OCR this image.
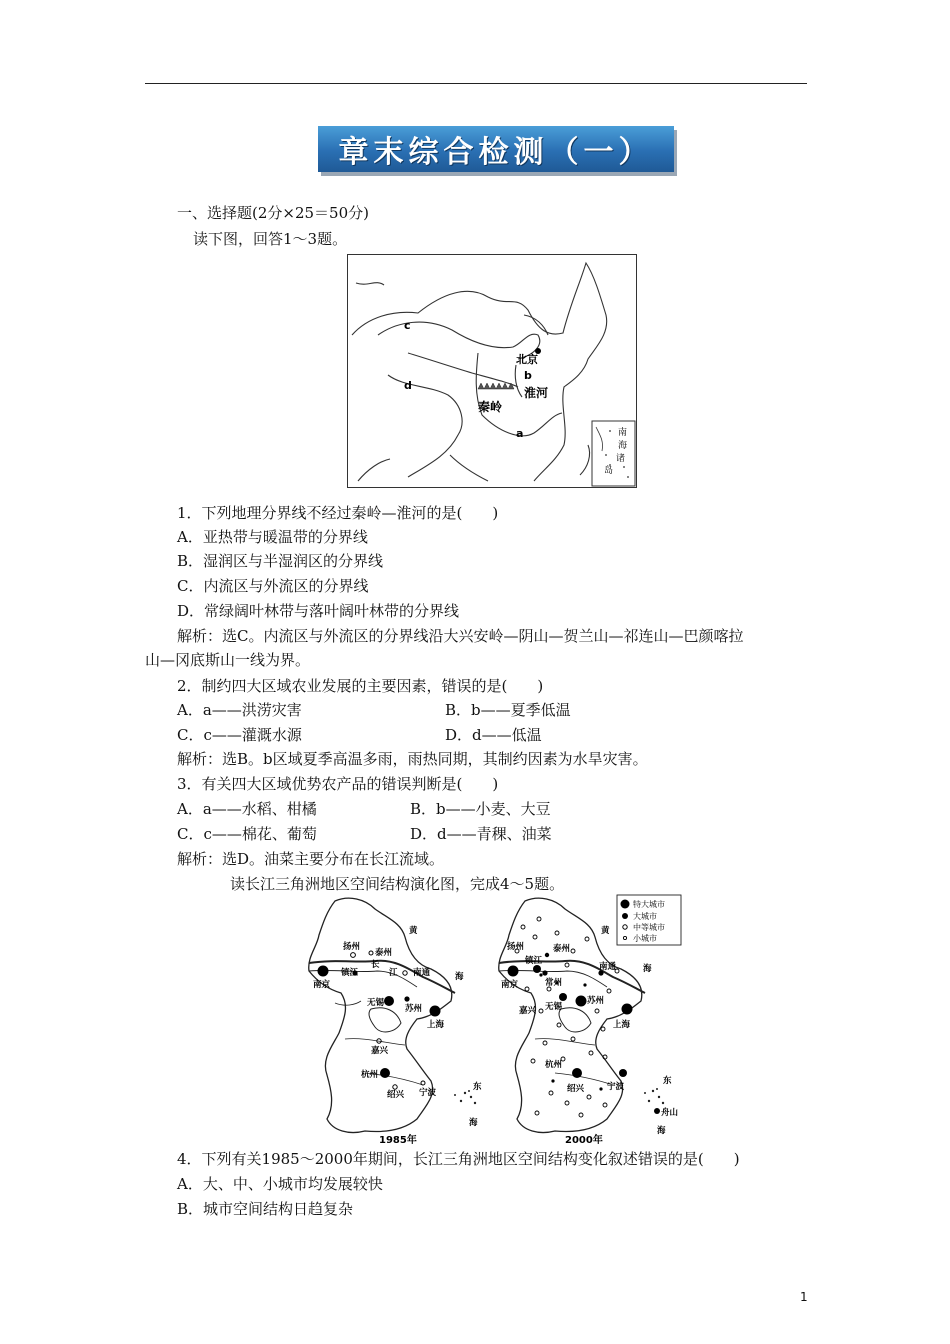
章末综合检测（一）
一、选择题(2分×25＝50分)
读下图，回答1～3题。
北京
b
淮河
秦岭
c
d
a	南
海
诸
岛
1．下列地理分界线不经过秦岭—淮河的是(　　)
A．亚热带与暖温带的分界线
B．湿润区与半湿润区的分界线
C．内流区与外流区的分界线
D．常绿阔叶林带与落叶阔叶林带的分界线
解析：选C。内流区与外流区的分界线沿大兴安岭—阴山—贺兰山—祁连山—巴颜喀拉
山—冈底斯山一线为界。
2．制约四大区域农业发展的主要因素，错误的是(　　)
A．a——洪涝灾害	B．b——夏季低温
C．c——灌溉水源	D．d——低温
解析：选B。b区域夏季高温多雨，雨热同期，其制约因素为水旱灾害。
3．有关四大区域优势农产品的错误判断是(　　)
A．a——水稻、柑橘	B．b——小麦、大豆
C．c——棉花、葡萄	D．d——青稞、油菜
解析：选D。油菜主要分布在长江流域。
读长江三角洲地区空间结构演化图，完成4～5题。
扬州
泰州
镇江
南京
长
江 南通
无锡
苏州
上海
嘉兴
杭州
绍兴 宁波
黄
海
东
海
1985年
扬州	泰州
镇江
南京	常州
南通
无锡
苏州
上海
嘉兴
杭州
绍兴	宁波
舟山
黄
海
东
海
2000年
特大城市
大城市
中等城市
小城市
4．下列有关1985～2000年期间，长江三角洲地区空间结构变化叙述错误的是(　　)
A．大、中、小城市均发展较快
B．城市空间结构日趋复杂
1
